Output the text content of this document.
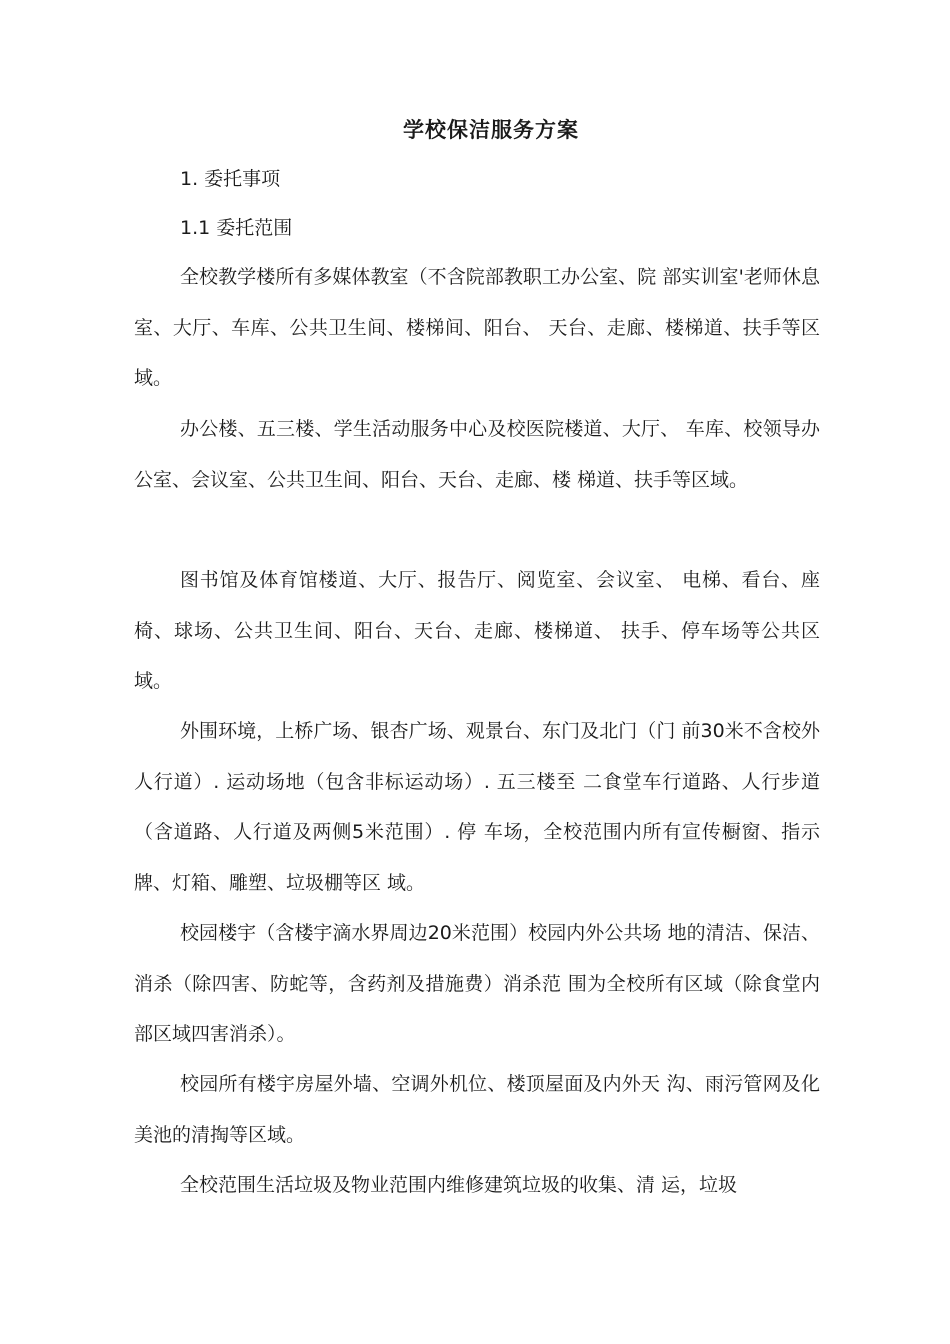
学校保洁服务方案
1. 委托事项
1.1 委托范围

全校教学楼所有多媒体教室（不含院部教职工办公室、院 部实训室'老师休息室、大厅、车库、公共卫生间、楼梯间、阳台、 天台、走廊、楼梯道、扶手等区域。

办公楼、五三楼、学生活动服务中心及校医院楼道、大厅、 车库、校领导办公室、会议室、公共卫生间、阳台、天台、走廊、楼 梯道、扶手等区域。

图书馆及体育馆楼道、大厅、报告厅、阅览室、会议室、 电梯、看台、座椅、球场、公共卫生间、阳台、天台、走廊、楼梯道、 扶手、停车场等公共区域。

外围环境，上桥广场、银杏广场、观景台、东门及北门（门 前30米不含校外人行道）. 运动场地（包含非标运动场）. 五三楼至 二食堂车行道路、人行步道（含道路、人行道及两侧5米范围）. 停 车场，全校范围内所有宣传橱窗、指示牌、灯箱、雕塑、垃圾棚等区 域。

校园楼宇（含楼宇滴水界周边20米范围）校园内外公共场 地的清洁、保洁、消杀（除四害、防蛇等，含药剂及措施费）消杀范 围为全校所有区域（除食堂内部区域四害消杀）。

校园所有楼宇房屋外墙、空调外机位、楼顶屋面及内外天 沟、雨污管网及化美池的清掏等区域。

全校范围生活垃圾及物业范围内维修建筑垃圾的收集、清 运，垃圾
